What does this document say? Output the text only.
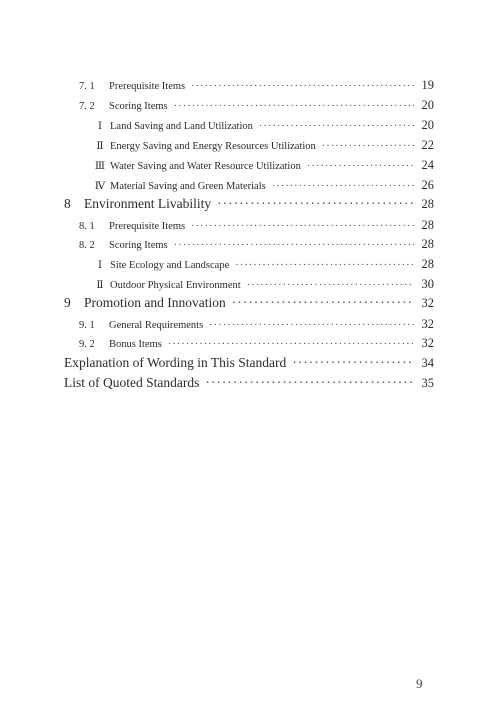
7. 1	Prerequisite Items ·····	19
7. 2	Scoring Items ·····	20
Ⅰ Land Saving and Land Utilization ·····	20
Ⅱ Energy Saving and Energy Resources Utilization ·····	22
Ⅲ Water Saving and Water Resource Utilization ·····	24
Ⅳ Material Saving and Green Materials ·····	26
8 Environment Livability ·····	28
8. 1	Prerequisite Items ·····	28
8. 2	Scoring Items ·····	28
Ⅰ Site Ecology and Landscape ·····	28
Ⅱ Outdoor Physical Environment ·····	30
9 Promotion and Innovation ·····	32
9. 1	General Requirements ·····	32
9. 2	Bonus Items ·····	32
Explanation of Wording in This Standard ·····	34
List of Quoted Standards ·····	35
9
